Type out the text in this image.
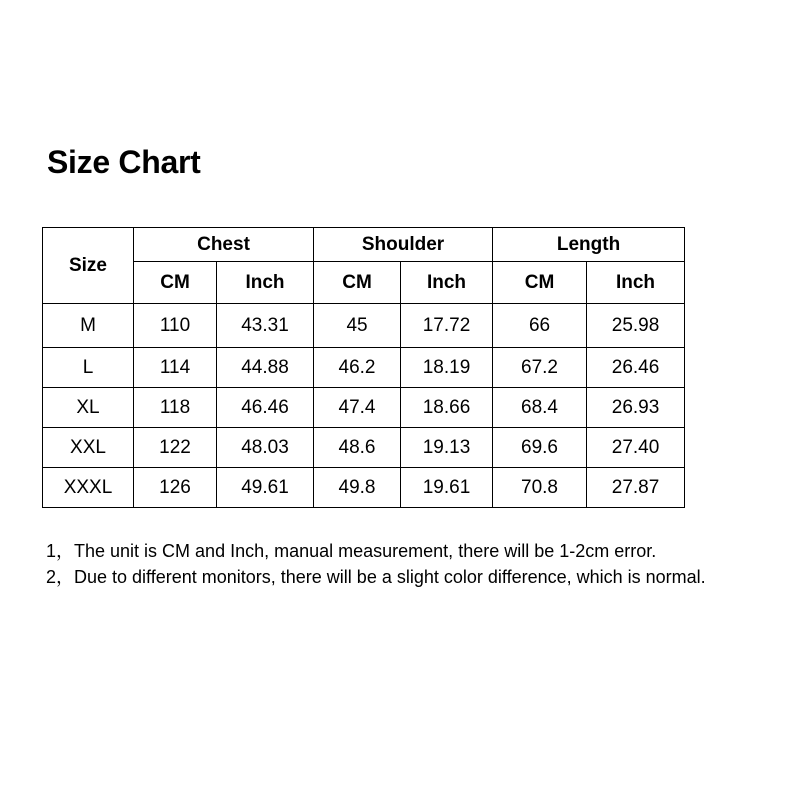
Size Chart
Size	Chest		Shoulder		Length	
	CM	Inch	CM	Inch	CM	Inch
M	110	43.31	45	17.72	66	25.98
L	114	44.88	46.2	18.19	67.2	26.46
XL	118	46.46	47.4	18.66	68.4	26.93
XXL	122	48.03	48.6	19.13	69.6	27.40
XXXL	126	49.61	49.8	19.61	70.8	27.87
1，The unit is CM and Inch, manual measurement, there will be 1-2cm error.
2，Due to different monitors, there will be a slight color difference, which is normal.
